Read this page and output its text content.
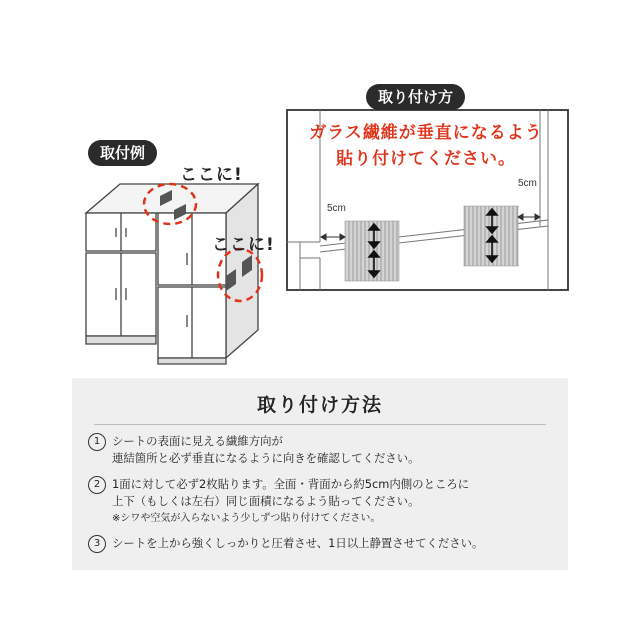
取付例
取り付け方
ここに!
ここに!
ガラス繊維が垂直になるよう
貼り付けてください。
5cm
5cm
取り付け方法
1	シートの表面に見える繊維方向が
連結箇所と必ず垂直になるように向きを確認してください。
2	1面に対して必ず2枚貼ります。全面・背面から約5cm内側のところに
上下（もしくは左右）同じ面積になるよう貼ってください。
※シワや空気が入らないよう少しずつ貼り付けてください。
3	シートを上から強くしっかりと圧着させ、1日以上静置させてください。
